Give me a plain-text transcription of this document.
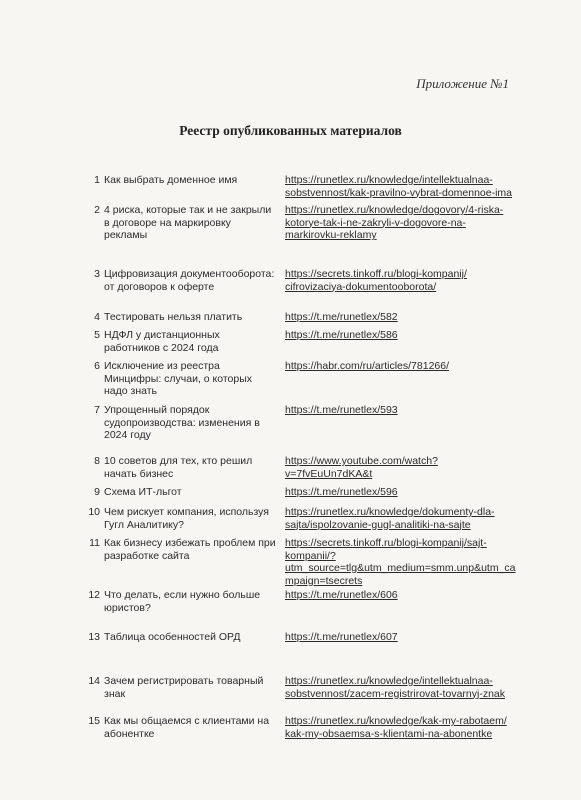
Приложение №1
Реестр опубликованных материалов
1 Как выбрать доменное имя	https://runetlex.ru/knowledge/intellektualnaa-
sobstvennost/kak-pravilno-vybrat-domennoe-ima
2 4 риска, которые так и не закрыли в договоре на маркировку рекламы
https://runetlex.ru/knowledge/dogovory/4-riska-
kotorye-tak-i-ne-zakryli-v-dogovore-na-
markirovku-reklamy
3 Цифровизация документооборота: от договоров к оферте
https://secrets.tinkoff.ru/blogi-kompanij/
cifrovizaciya-dokumentooborota/
4 Тестировать нельзя платить	https://t.me/runetlex/582
5 НДФЛ у дистанционных работников с 2024 года
https://t.me/runetlex/586
6 Исключение из реестра Минцифры: случаи, о которых надо знать
https://habr.com/ru/articles/781266/
7 Упрощенный порядок судопроизводства: изменения в 2024 году
https://t.me/runetlex/593
8 10 советов для тех, кто решил начать бизнес
https://www.youtube.com/watch?
v=7fvEuUn7dKA&t
9 Схема ИТ-льгот	https://t.me/runetlex/596
10 Чем рискует компания, используя Гугл Аналитику?
https://runetlex.ru/knowledge/dokumenty-dla-
sajta/ispolzovanie-gugl-analitiki-na-sajte
11 Как бизнесу избежать проблем при разработке сайта
https://secrets.tinkoff.ru/blogi-kompanij/sajt-
kompanii/?
utm_source=tlg&utm_medium=smm.unp&utm_ca
mpaign=tsecrets
12 Что делать, если нужно больше юристов?
https://t.me/runetlex/606
13 Таблица особенностей ОРД	https://t.me/runetlex/607
14 Зачем регистрировать товарный знак
https://runetlex.ru/knowledge/intellektualnaa-
sobstvennost/zacem-registrirovat-tovarnyj-znak
15 Как мы общаемся с клиентами на абоненткe
https://runetlex.ru/knowledge/kak-my-rabotaem/
kak-my-obsaemsa-s-klientami-na-abonentke
